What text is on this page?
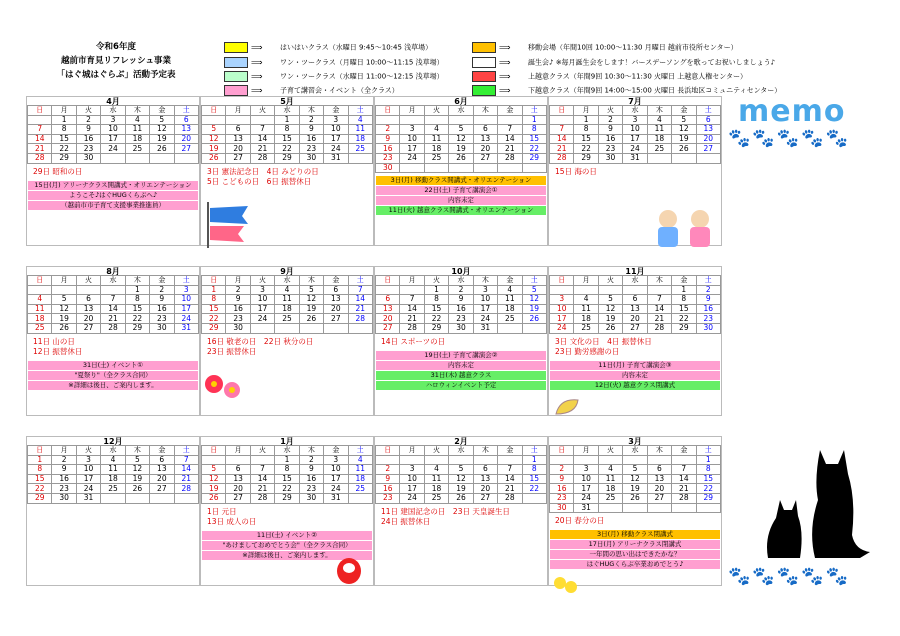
令和6年度
越前市育見リフレッシュ事業
「はぐ城はぐらぶ」活動予定表
⟹	はいはいクラス（水曜日 9:45～10:45 浅草場）
⟹	ワン・ツークラス（月曜日 10:00～11:15 浅草場）
⟹	ワン・ツークラス（水曜日 11:00～12:15 浅草場）
⟹	子育て講習会・イベント（全クラス）
⟹	移動会場（年間10回 10:00～11:30 月曜日 越前市役所センター）
⟹	誕生会♪ ※毎月誕生会をします！バースデーソングを歌ってお祝いしましょう♪
⟹	上越意クラス（年間9回 10:30～11:30 火曜日 上越意人権センター）
⟹	下越意クラス（年間9回 14:00～15:00 火曜日 長浜地区コミュニティセンター）
4月
日	月	火	水	木	金	土
	1	2	3	4	5	6
7	8	9	10	11	12	13
14	15	16	17	18	19	20
21	22	23	24	25	26	27
28	29	30				
29日 昭和の日
15日(月) アリーナクラス開講式・オリエンテーション
ようこそ♪はぐHUGくらぶへ♪
（越前市市子育て支援事業推進員）
5月
日	月	火	水	木	金	土
			1	2	3	4
5	6	7	8	9	10	11
12	13	14	15	16	17	18
19	20	21	22	23	24	25
26	27	28	29	30	31	
3日 憲法記念日　4日 みどりの日
5日 こどもの日　6日 振替休日
6月
日	月	火	水	木	金	土
						1
2	3	4	5	6	7	8
9	10	11	12	13	14	15
16	17	18	19	20	21	22
23	24	25	26	27	28	29
30						
3日(月) 移動クラス開講式・オリエンテーション
22日(土) 子育て講演会①
内容未定
11日(火) 越意クラス開講式・オリエンテーション
7月
日	月	火	水	木	金	土
	1	2	3	4	5	6
7	8	9	10	11	12	13
14	15	16	17	18	19	20
21	22	23	24	25	26	27
28	29	30	31			
15日 海の日
8月
日	月	火	水	木	金	土
				1	2	3
4	5	6	7	8	9	10
11	12	13	14	15	16	17
18	19	20	21	22	23	24
25	26	27	28	29	30	31
11日 山の日
12日 振替休日
31日(土) イベント①
"夏祭り"（全クラス合同）
※詳細は後日、ご案内します。
9月
日	月	火	水	木	金	土
1	2	3	4	5	6	7
8	9	10	11	12	13	14
15	16	17	18	19	20	21
22	23	24	25	26	27	28
29	30					
16日 敬老の日　22日 秋分の日
23日 振替休日
10月
日	月	火	水	木	金	土
		1	2	3	4	5
6	7	8	9	10	11	12
13	14	15	16	17	18	19
20	21	22	23	24	25	26
27	28	29	30	31		
14日 スポーツの日
19日(土) 子育て講演会②
内容未定
31日(木) 越意クラス
ハロウィンイベント予定
11月
日	月	火	水	木	金	土
					1	2
3	4	5	6	7	8	9
10	11	12	13	14	15	16
17	18	19	20	21	22	23
24	25	26	27	28	29	30
3日 文化の日　4日 振替休日
23日 勤労感謝の日
11日(月) 子育て講演会③
内容未定
12日(火) 越意クラス閉講式
12月
日	月	火	水	木	金	土
1	2	3	4	5	6	7
8	9	10	11	12	13	14
15	16	17	18	19	20	21
22	23	24	25	26	27	28
29	30	31				
1月
日	月	火	水	木	金	土
			1	2	3	4
5	6	7	8	9	10	11
12	13	14	15	16	17	18
19	20	21	22	23	24	25
26	27	28	29	30	31	
1日 元日
13日 成人の日
11日(土) イベント②
"あけましておめでとう会"（全クラス合同）
※詳細は後日、ご案内します。
2月
日	月	火	水	木	金	土
						1
2	3	4	5	6	7	8
9	10	11	12	13	14	15
16	17	18	19	20	21	22
23	24	25	26	27	28	
11日 建国記念の日　23日 天皇誕生日
24日 振替休日
3月
日	月	火	水	木	金	土
						1
2	3	4	5	6	7	8
9	10	11	12	13	14	15
16	17	18	19	20	21	22
23	24	25	26	27	28	29
30	31					
20日 春分の日
3日(月) 移動クラス閉講式
17日(月) アリーナクラス閉講式
一年間の思い出はできたかな？
はぐHUGくらぶ卒業おめでとう♪
memo
🐾🐾🐾🐾🐾
🐾🐾🐾🐾🐾
